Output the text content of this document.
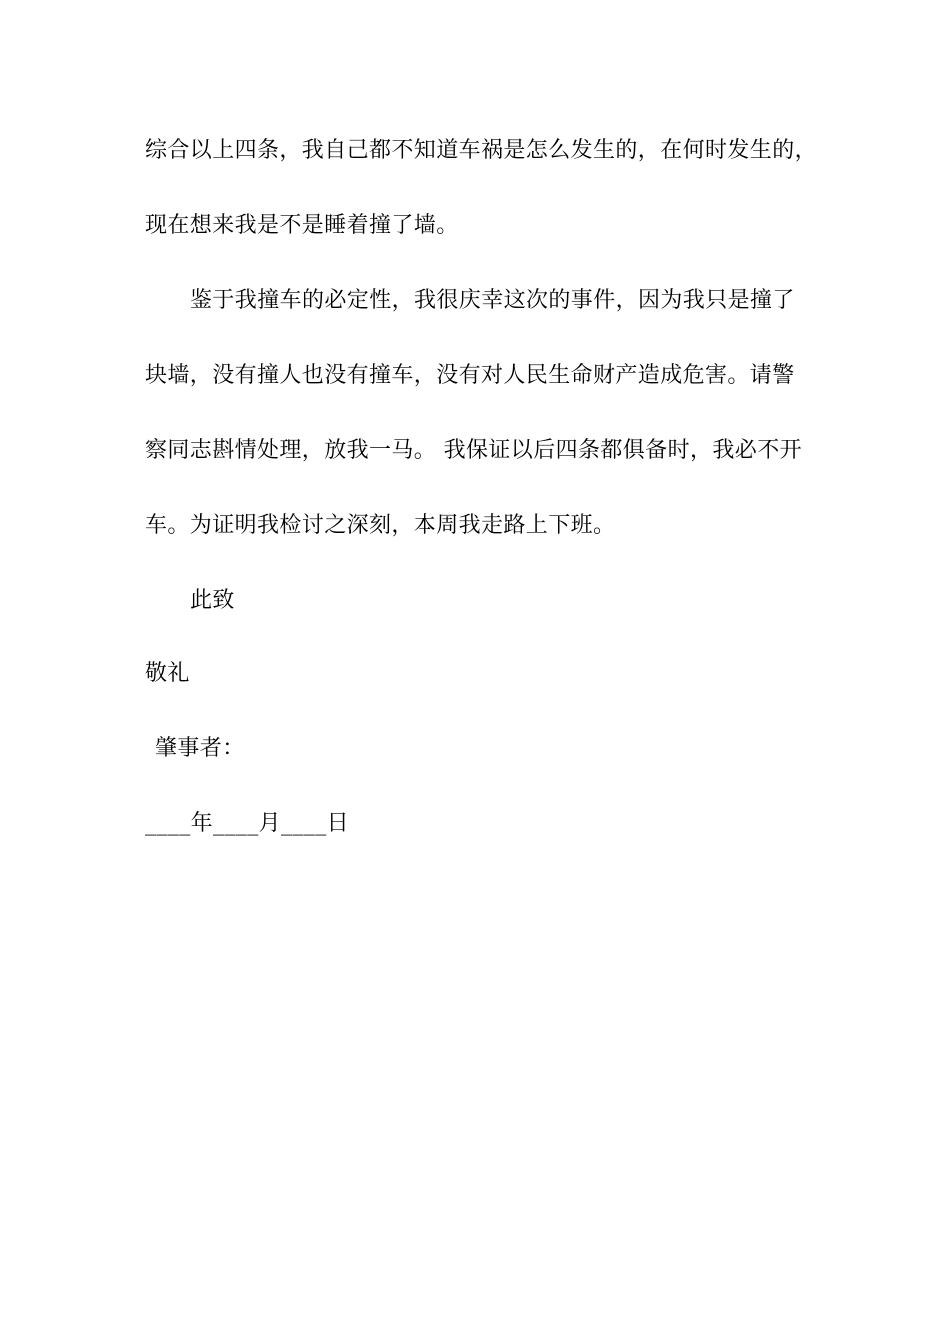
综合以上四条，我自己都不知道车祸是怎么发生的，在何时发生的，
现在想来我是不是睡着撞了墙。
鉴于我撞车的必定性，我很庆幸这次的事件，因为我只是撞了
块墙，没有撞人也没有撞车，没有对人民生命财产造成危害。请警
察同志斟情处理，放我一马。 我保证以后四条都俱备时，我必不开
车。为证明我检讨之深刻，本周我走路上下班。
此致
敬礼
肇事者：
____年____月____日
